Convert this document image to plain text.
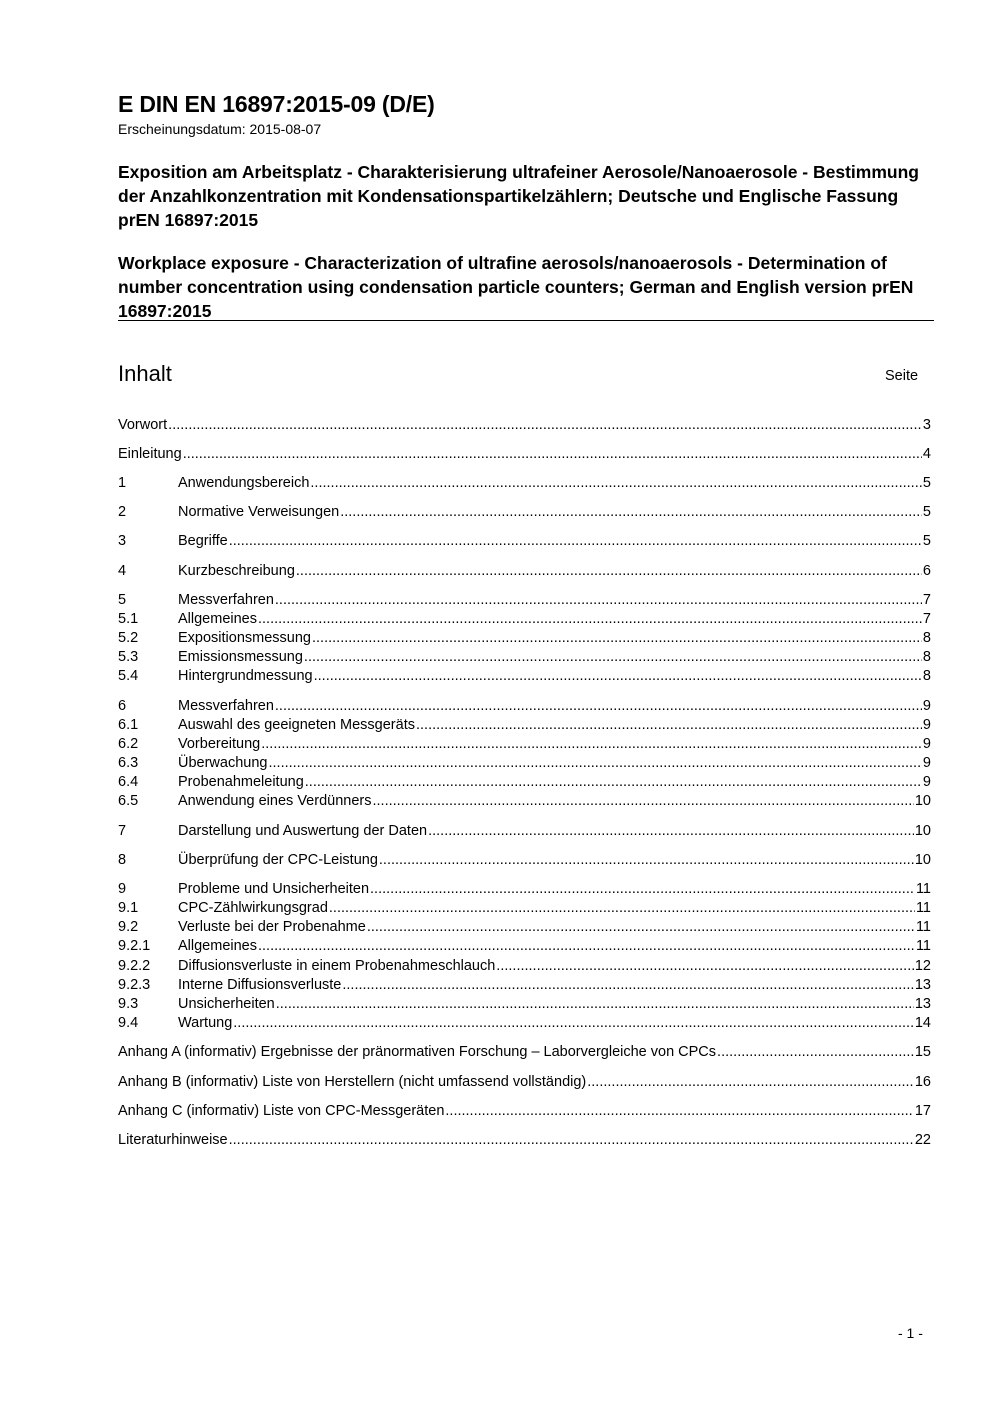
E DIN EN 16897:2015-09 (D/E)
Erscheinungsdatum: 2015-08-07
Exposition am Arbeitsplatz - Charakterisierung ultrafeiner Aerosole/Nanoaerosole - Bestimmung der Anzahlkonzentration mit Kondensationspartikelzählern; Deutsche und Englische Fassung prEN 16897:2015
Workplace exposure - Characterization of ultrafine aerosols/nanoaerosols - Determination of number concentration using condensation particle counters; German and English version prEN 16897:2015
Inhalt	Seite
Vorwort .....	3
Einleitung .....	4
1	Anwendungsbereich .....	5
2	Normative Verweisungen .....	5
3	Begriffe .....	5
4	Kurzbeschreibung .....	6
5	Messverfahren .....	7
5.1	Allgemeines .....	7
5.2	Expositionsmessung .....	8
5.3	Emissionsmessung .....	8
5.4	Hintergrundmessung .....	8
6	Messverfahren .....	9
6.1	Auswahl des geeigneten Messgeräts .....	9
6.2	Vorbereitung .....	9
6.3	Überwachung .....	9
6.4	Probenahmeleitung .....	9
6.5	Anwendung eines Verdünners .....	10
7	Darstellung und Auswertung der Daten .....	10
8	Überprüfung der CPC-Leistung .....	10
9	Probleme und Unsicherheiten .....	11
9.1	CPC-Zählwirkungsgrad .....	11
9.2	Verluste bei der Probenahme .....	11
9.2.1	Allgemeines .....	11
9.2.2	Diffusionsverluste in einem Probenahmeschlauch .....	12
9.2.3	Interne Diffusionsverluste .....	13
9.3	Unsicherheiten .....	13
9.4	Wartung .....	14
Anhang A (informativ) Ergebnisse der pränormativen Forschung – Laborvergleiche von CPCs .....	15
Anhang B (informativ) Liste von Herstellern (nicht umfassend vollständig) .....	16
Anhang C (informativ) Liste von CPC-Messgeräten .....	17
Literaturhinweise .....	22
- 1 -
